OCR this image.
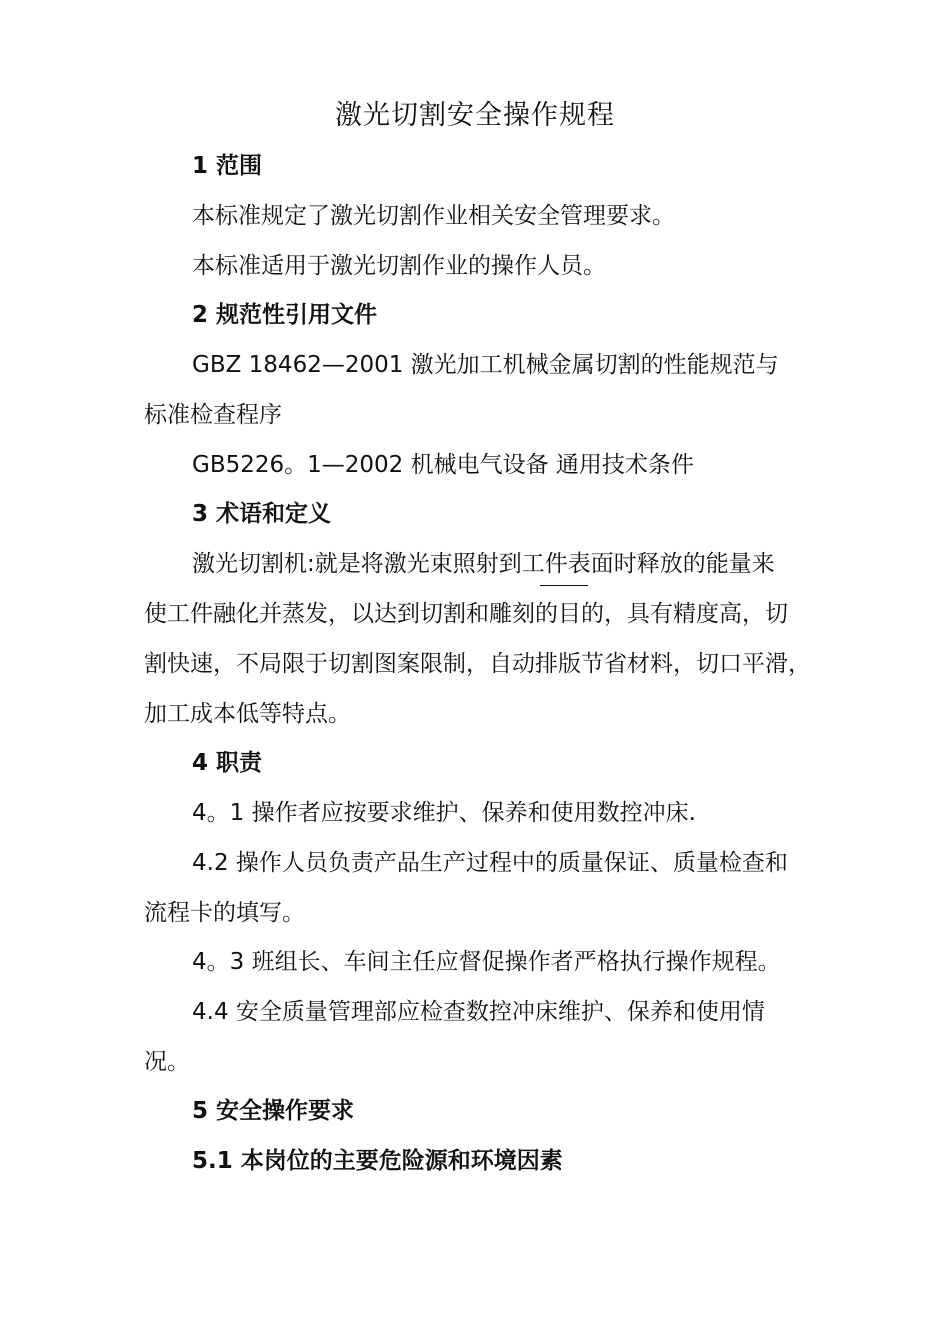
激光切割安全操作规程
1 范围
本标准规定了激光切割作业相关安全管理要求。
本标准适用于激光切割作业的操作人员。
2 规范性引用文件
GBZ 18462—2001 激光加工机械金属切割的性能规范与
标准检查程序
GB5226。1—2002 机械电气设备 通用技术条件
3 术语和定义
激光切割机:就是将激光束照射到工件表面时释放的能量来
使工件融化并蒸发，以达到切割和雕刻的目的，具有精度高，切
割快速，不局限于切割图案限制，自动排版节省材料，切口平滑，
加工成本低等特点。
4 职责
4。1 操作者应按要求维护、保养和使用数控冲床.
4.2 操作人员负责产品生产过程中的质量保证、质量检查和
流程卡的填写。
4。3 班组长、车间主任应督促操作者严格执行操作规程。
4.4 安全质量管理部应检查数控冲床维护、保养和使用情
况。
5 安全操作要求
5.1 本岗位的主要危险源和环境因素
